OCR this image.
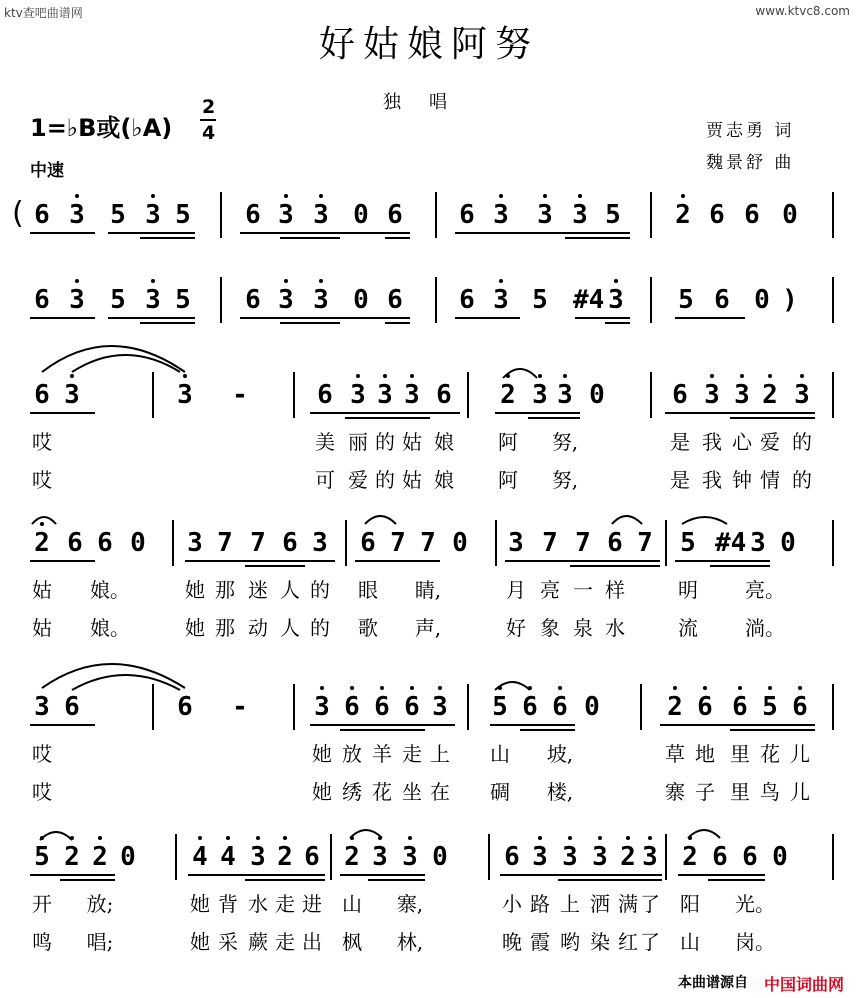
ktv查吧曲谱网	www.ktvc8.com
好姑娘阿努
独唱
1=♭B或(♭A)
2
4
中速
贾志勇 词
魏景舒 曲
6 3 5 3 5 6 3 3 0 6 6 3 3 3 5 2 6 6 0
(
6 3 5 3 5 6 3 3 0 6 6 3 5 #4 3 5 6 0 )
6 3	3 -	6 3 3 3 6 2 3 3 0	6 3 3 2 3
哎	美 丽 的 姑 娘 阿 努,	是 我 心 爱 的
哎	可 爱 的 姑 娘 阿 努,	是 我 钟 情 的
2 6 6 0 3 7 7 6 3 6 7 7 0 3 7 7 6 7 5 #4 3 0
姑 娘。	她 那 迷 人 的 眼 睛,	月 亮 一 样	明 亮。
姑 娘。	她 那 动 人 的 歌 声,	好 象 泉 水	流 淌。
3 6	6 -	3 6 6 6 3 5 6 6 0	2 6 6 5 6
哎	她 放 羊 走 上 山 坡,	草 地 里 花 儿
哎	她 绣 花 坐 在 碉 楼,	寨 子 里 鸟 儿
5 2 2 0 4 4 3 2 6 2 3 3 0 6 3 3 3 2 3 2 6 6 0
开 放;	她 背 水 走 进 山 寨,	小 路 上 洒 满 了 阳 光。
鸣 唱;	她 采 蕨 走 出 枫 林,	晚 霞 哟 染 红 了 山 岗。
本曲谱源自 中国词曲网
